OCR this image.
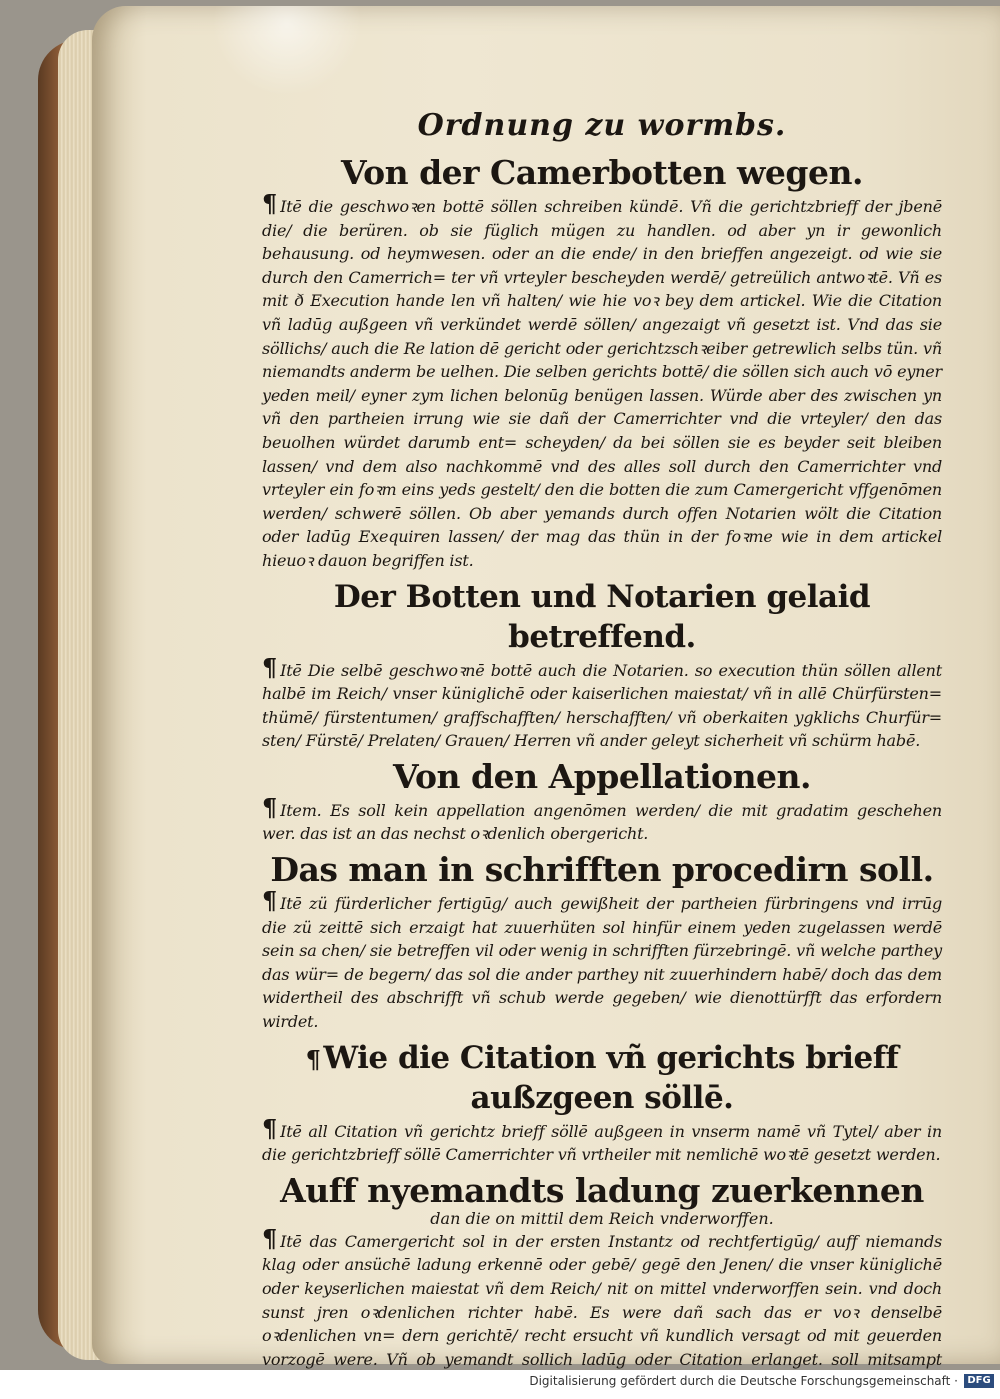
Ordnung zu wormbs.
Von der Camerbotten wegen.

¶ Itē die geschwoꝛen bottē söllen schreiben kündē. Vñ die gerichtzbrieff der jbenē die/ die berüren. ob sie füglich mügen zu handlen. od aber yn ir gewonlich behausung. od heymwesen. oder an die ende/ in den brieffen angezeigt. od wie sie durch den Camerrich= ter vñ vrteyler bescheyden werdē/ getreülich antwoꝛtē. Vñ es mit ð Execution hande len vñ halten/ wie hie voꝛ bey dem artickel. Wie die Citation vñ ladūg außgeen vñ verkündet werdē söllen/ angezaigt vñ gesetzt ist. Vnd das sie söllichs/ auch die Re lation dē gericht oder gerichtzschꝛeiber getrewlich selbs tün. vñ niemandts anderm be uelhen. Die selben gerichts bottē/ die söllen sich auch vō eyner yeden meil/ eyner zym lichen belonūg benügen lassen. Würde aber des zwischen yn vñ den partheien irrung wie sie dañ der Camerrichter vnd die vrteyler/ den das beuolhen würdet darumb ent= scheyden/ da bei söllen sie es beyder seit bleiben lassen/ vnd dem also nachkommē vnd des alles soll durch den Camerrichter vnd vrteyler ein foꝛm eins yeds gestelt/ den die botten die zum Camergericht vffgenōmen werden/ schwerē söllen. Ob aber yemands durch offen Notarien wölt die Citation oder ladūg Exequiren lassen/ der mag das thün in der foꝛme wie in dem artickel hieuoꝛ dauon begriffen ist.

Der Botten und Notarien gelaid betreffend.

¶ Itē Die selbē geschwoꝛnē bottē auch die Notarien. so execution thün söllen allent halbē im Reich/ vnser küniglichē oder kaiserlichen maiestat/ vñ in allē Chürfürsten= thümē/ fürstentumen/ graffschafften/ herschafften/ vñ oberkaiten ygklichs Churfür= sten/ Fürstē/ Prelaten/ Grauen/ Herren vñ ander geleyt sicherheit vñ schürm habē.

Von den Appellationen.

¶ Item. Es soll kein appellation angenōmen werden/ die mit gradatim geschehen wer. das ist an das nechst oꝛdenlich obergericht.

Das man in schrifften procedirn soll.

¶ Itē zü fürderlicher fertigūg/ auch gewißheit der partheien fürbringens vnd irrūg die zü zeittē sich erzaigt hat zuuerhüten sol hinfür einem yeden zugelassen werdē sein sa chen/ sie betreffen vil oder wenig in schrifften fürzebringē. vñ welche parthey das wür= de begern/ das sol die ander parthey nit zuuerhindern habē/ doch das dem widertheil des abschrifft vñ schub werde gegeben/ wie dienottürfft das erfordern wirdet.

¶Wie die Citation vñ gerichts brieff außzgeen söllē.

¶ Itē all Citation vñ gerichtz brieff söllē außgeen in vnserm namē vñ Tytel/ aber in die gerichtzbrieff söllē Camerrichter vñ vrtheiler mit nemlichē woꝛtē gesetzt werden.

Auff nyemandts ladung zuerkennen
dan die on mittil dem Reich vnderworffen.

¶ Itē das Camergericht sol in der ersten Instantz od rechtfertigūg/ auff niemands klag oder ansüchē ladung erkennē oder gebē/ gegē den Jenen/ die vnser küniglichē oder keyserlichen maiestat vñ dem Reich/ nit on mittel vnderworffen sein. vnd doch sunst jren oꝛdenlichen richter habē. Es were dañ sach das er voꝛ denselbē oꝛdenlichen vn= dern gerichtē/ recht ersucht vñ kundlich versagt od mit geuerden vorzogē were. Vñ ob yemandt sollich ladūg oder Citation erlanget. soll mitsampt

Digitalisierung gefördert durch die Deutsche Forschungsgemeinschaft · DFG
